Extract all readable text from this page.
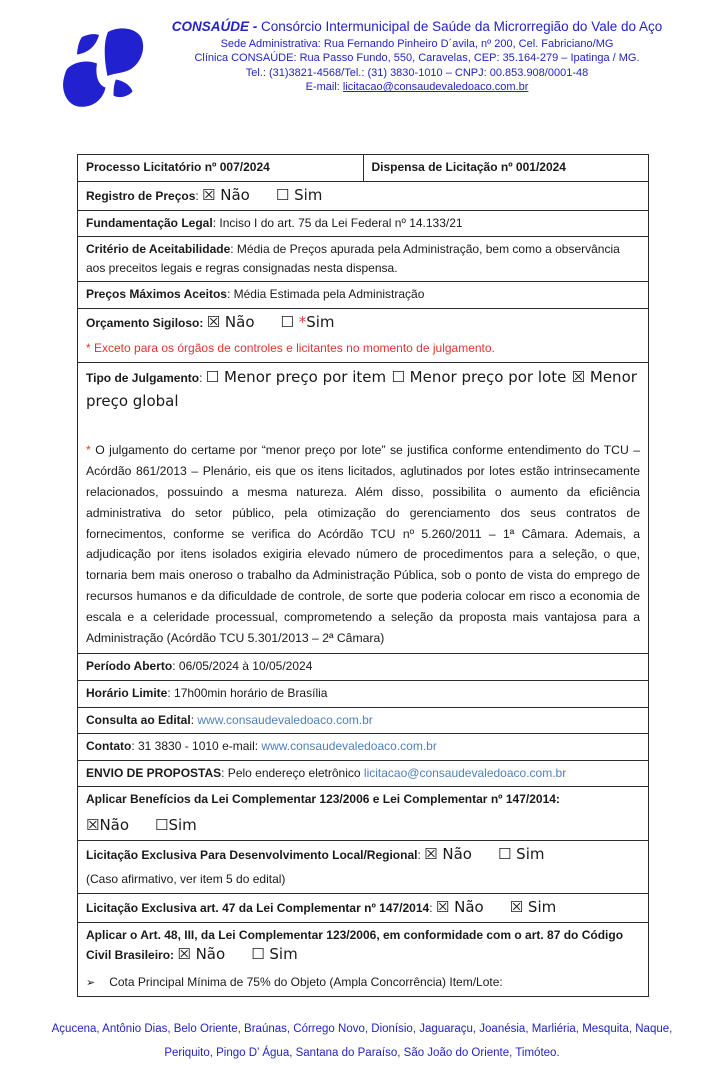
CONSAÚDE - Consórcio Intermunicipal de Saúde da Microrregião do Vale do Aço
Sede Administrativa: Rua Fernando Pinheiro D´avila, nº 200, Cel. Fabriciano/MG
Clínica CONSAÚDE: Rua Passo Fundo, 550, Caravelas, CEP: 35.164-279 – Ipatinga / MG.
Tel.: (31)3821-4568/Tel.: (31) 3830-1010 – CNPJ: 00.853.908/0001-48
E-mail: licitacao@consaudevaledoaco.com.br
Processo Licitatório nº 007/2024	Dispensa de Licitação nº 001/2024
Registro de Preços: ☒ Não ☐ Sim
Fundamentação Legal: Inciso I do art. 75 da Lei Federal nº 14.133/21
Critério de Aceitabilidade: Média de Preços apurada pela Administração, bem como a observância aos preceitos legais e regras consignadas nesta dispensa.
Preços Máximos Aceitos: Média Estimada pela Administração

Orçamento Sigiloso: ☒ Não ☐ *Sim
* Exceto para os órgãos de controles e licitantes no momento de julgamento.

Tipo de Julgamento: ☐ Menor preço por item ☐ Menor preço por lote ☒ Menor preço global
* O julgamento do certame por “menor preço por lote” se justifica conforme entendimento do TCU – Acórdão 861/2013 – Plenário, eis que os itens licitados, aglutinados por lotes estão intrinsecamente relacionados, possuindo a mesma natureza. Além disso, possibilita o aumento da eficiência administrativa do setor público, pela otimização do gerenciamento dos seus contratos de fornecimentos, conforme se verifica do Acórdão TCU nº 5.260/2011 – 1ª Câmara. Ademais, a adjudicação por itens isolados exigiria elevado número de procedimentos para a seleção, o que, tornaria bem mais oneroso o trabalho da Administração Pública, sob o ponto de vista do emprego de recursos humanos e da dificuldade de controle, de sorte que poderia colocar em risco a economia de escala e a celeridade processual, comprometendo a seleção da proposta mais vantajosa para a Administração (Acórdão TCU 5.301/2013 – 2ª Câmara)

Período Aberto: 06/05/2024 à 10/05/2024
Horário Limite: 17h00min horário de Brasília
Consulta ao Edital: www.consaudevaledoaco.com.br
Contato: 31 3830 - 1010 e-mail: www.consaudevaledoaco.com.br
ENVIO DE PROPOSTAS: Pelo endereço eletrônico licitacao@consaudevaledoaco.com.br

Aplicar Benefícios da Lei Complementar 123/2006 e Lei Complementar nº 147/2014:
☒Não ☐Sim

Licitação Exclusiva Para Desenvolvimento Local/Regional: ☒ Não ☐ Sim
(Caso afirmativo, ver item 5 do edital)

Licitação Exclusiva art. 47 da Lei Complementar nº 147/2014: ☒ Não ☒ Sim

Aplicar o Art. 48, III, da Lei Complementar 123/2006, em conformidade com o art. 87 do Código Civil Brasileiro: ☒ Não ☐ Sim
➢ Cota Principal Mínima de 75% do Objeto (Ampla Concorrência) Item/Lote:
Açucena, Antônio Dias, Belo Oriente, Braúnas, Córrego Novo, Dionísio, Jaguaraçu, Joanésia, Marliéria, Mesquita, Naque, Periquito, Pingo D’ Água, Santana do Paraíso, São João do Oriente, Timóteo.
